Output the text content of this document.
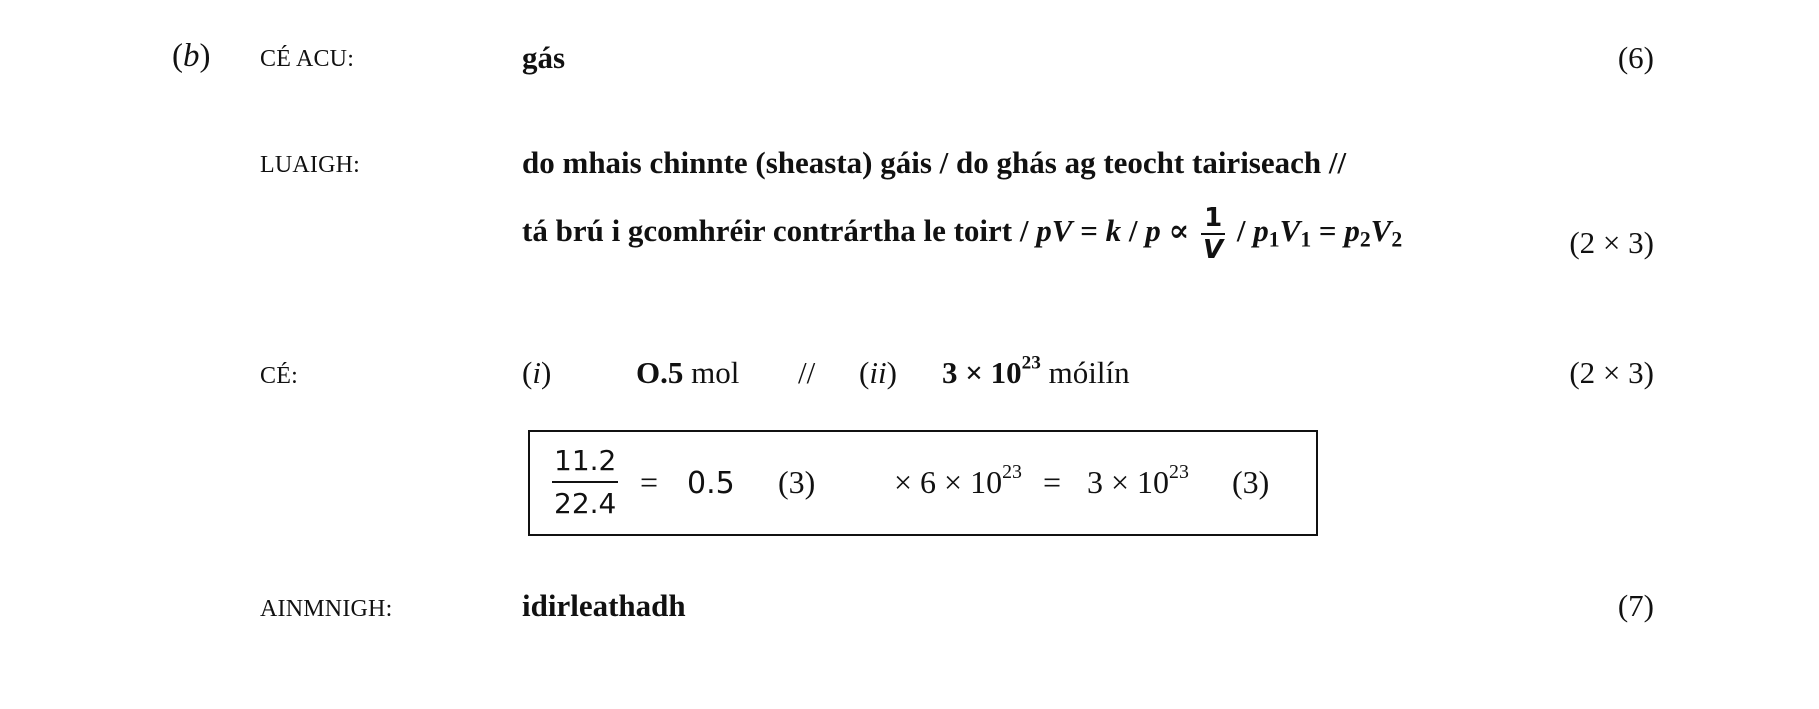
(b) CÉ ACU:	gás	(6)
LUAIGH:	do mhais chinnte (sheasta) gáis / do ghás ag teocht tairiseach //
tá brú i gcomhréir contrártha le toirt / pV = $k / p \propto \frac{1}{V} / p_1V_1 = p_2V_2$	(2 × 3)
CÉ:	(i)	O.5 mol // (ii) $3 \times 10^{23}$ móilín	(2 × 3)
$\frac{11.2}{22.4} = 0.5$ $(3) \times 6 \times 10^{23} = 3 \times 10^{23}$ (3)
AINMNIGH:	idirleathadh	(7)
